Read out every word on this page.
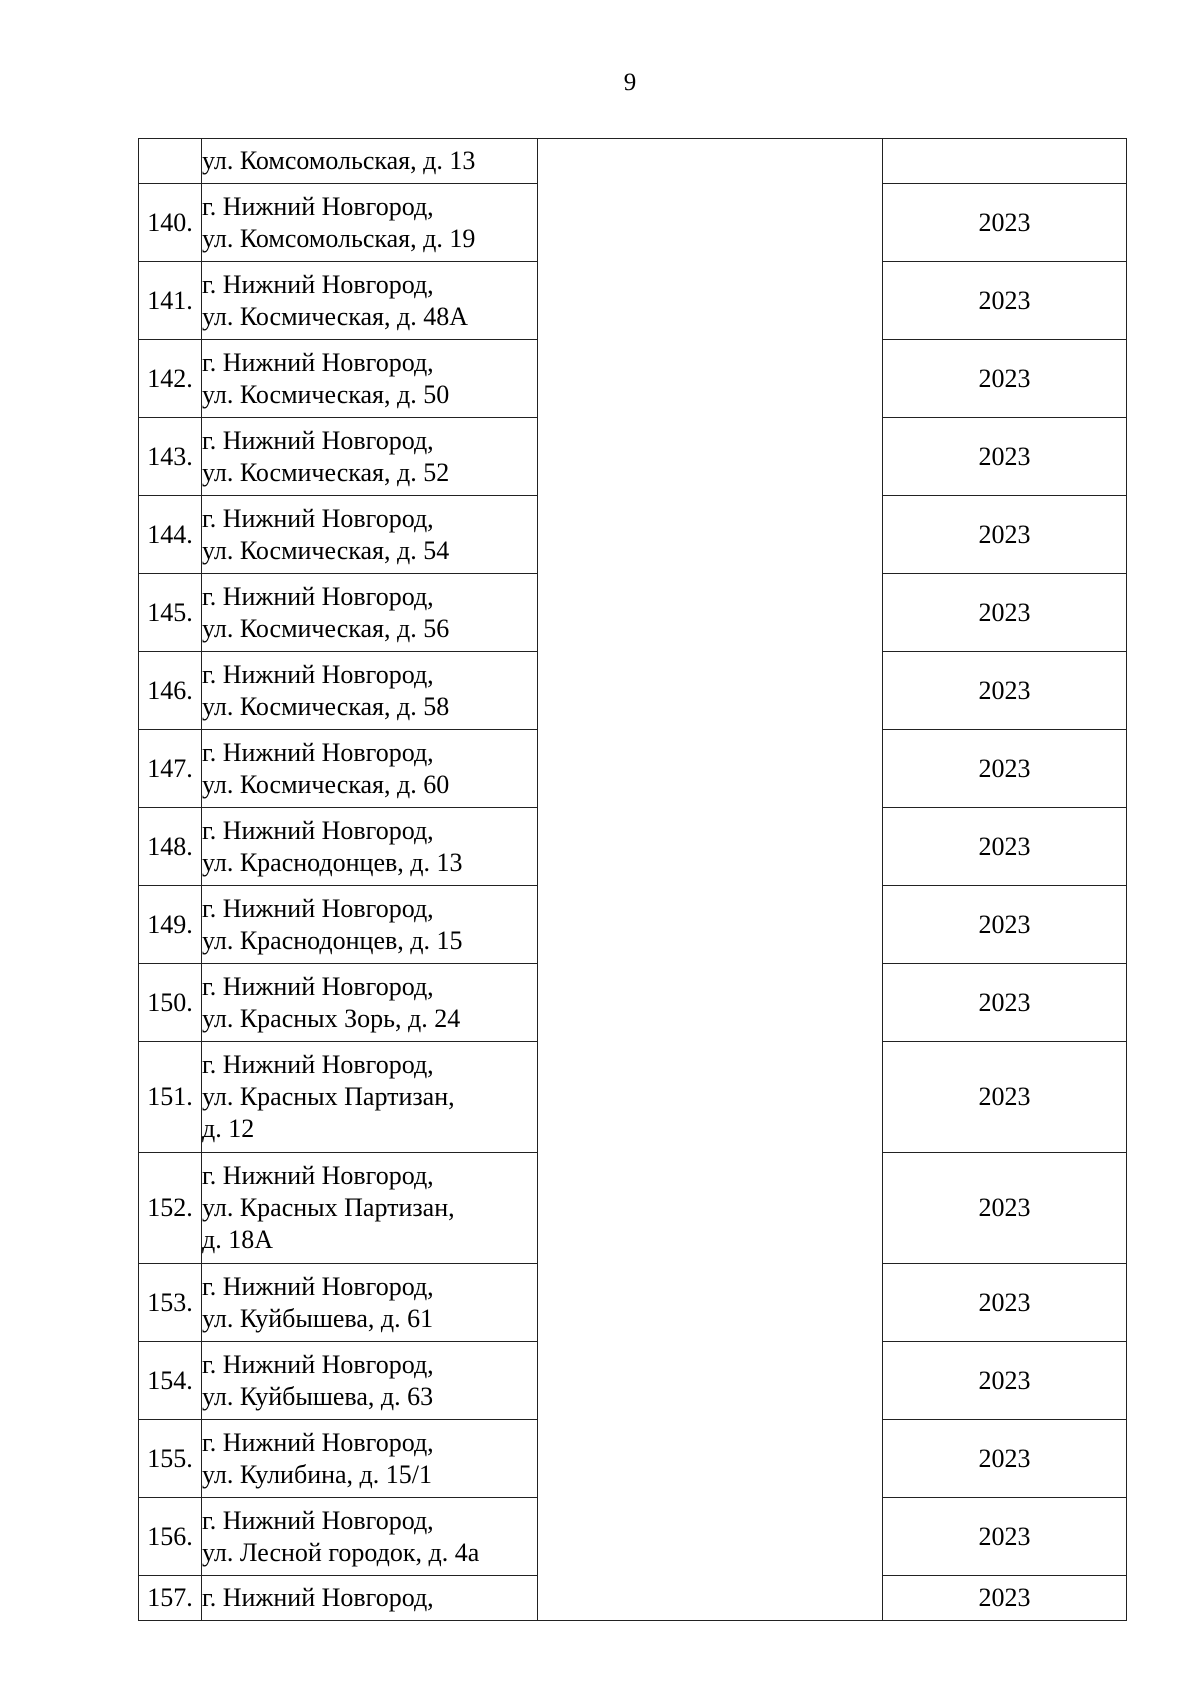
9

	ул. Комсомольская, д. 13		

140.	г. Нижний Новгород,
ул. Комсомольская, д. 19		2023
141.	г. Нижний Новгород,
ул. Космическая, д. 48А		2023
142.	г. Нижний Новгород,
ул. Космическая, д. 50		2023
143.	г. Нижний Новгород,
ул. Космическая, д. 52		2023
144.	г. Нижний Новгород,
ул. Космическая, д. 54		2023
145.	г. Нижний Новгород,
ул. Космическая, д. 56		2023
146.	г. Нижний Новгород,
ул. Космическая, д. 58		2023
147.	г. Нижний Новгород,
ул. Космическая, д. 60		2023
148.	г. Нижний Новгород,
ул. Краснодонцев, д. 13		2023
149.	г. Нижний Новгород,
ул. Краснодонцев, д. 15		2023
150.	г. Нижний Новгород,
ул. Красных Зорь, д. 24		2023
151.	г. Нижний Новгород,
ул. Красных Партизан,
д. 12		2023
152.	г. Нижний Новгород,
ул. Красных Партизан,
д. 18А		2023
153.	г. Нижний Новгород,
ул. Куйбышева, д. 61		2023
154.	г. Нижний Новгород,
ул. Куйбышева, д. 63		2023
155.	г. Нижний Новгород,
ул. Кулибина, д. 15/1		2023
156.	г. Нижний Новгород,
ул. Лесной городок, д. 4а		2023
157.	г. Нижний Новгород,		2023
